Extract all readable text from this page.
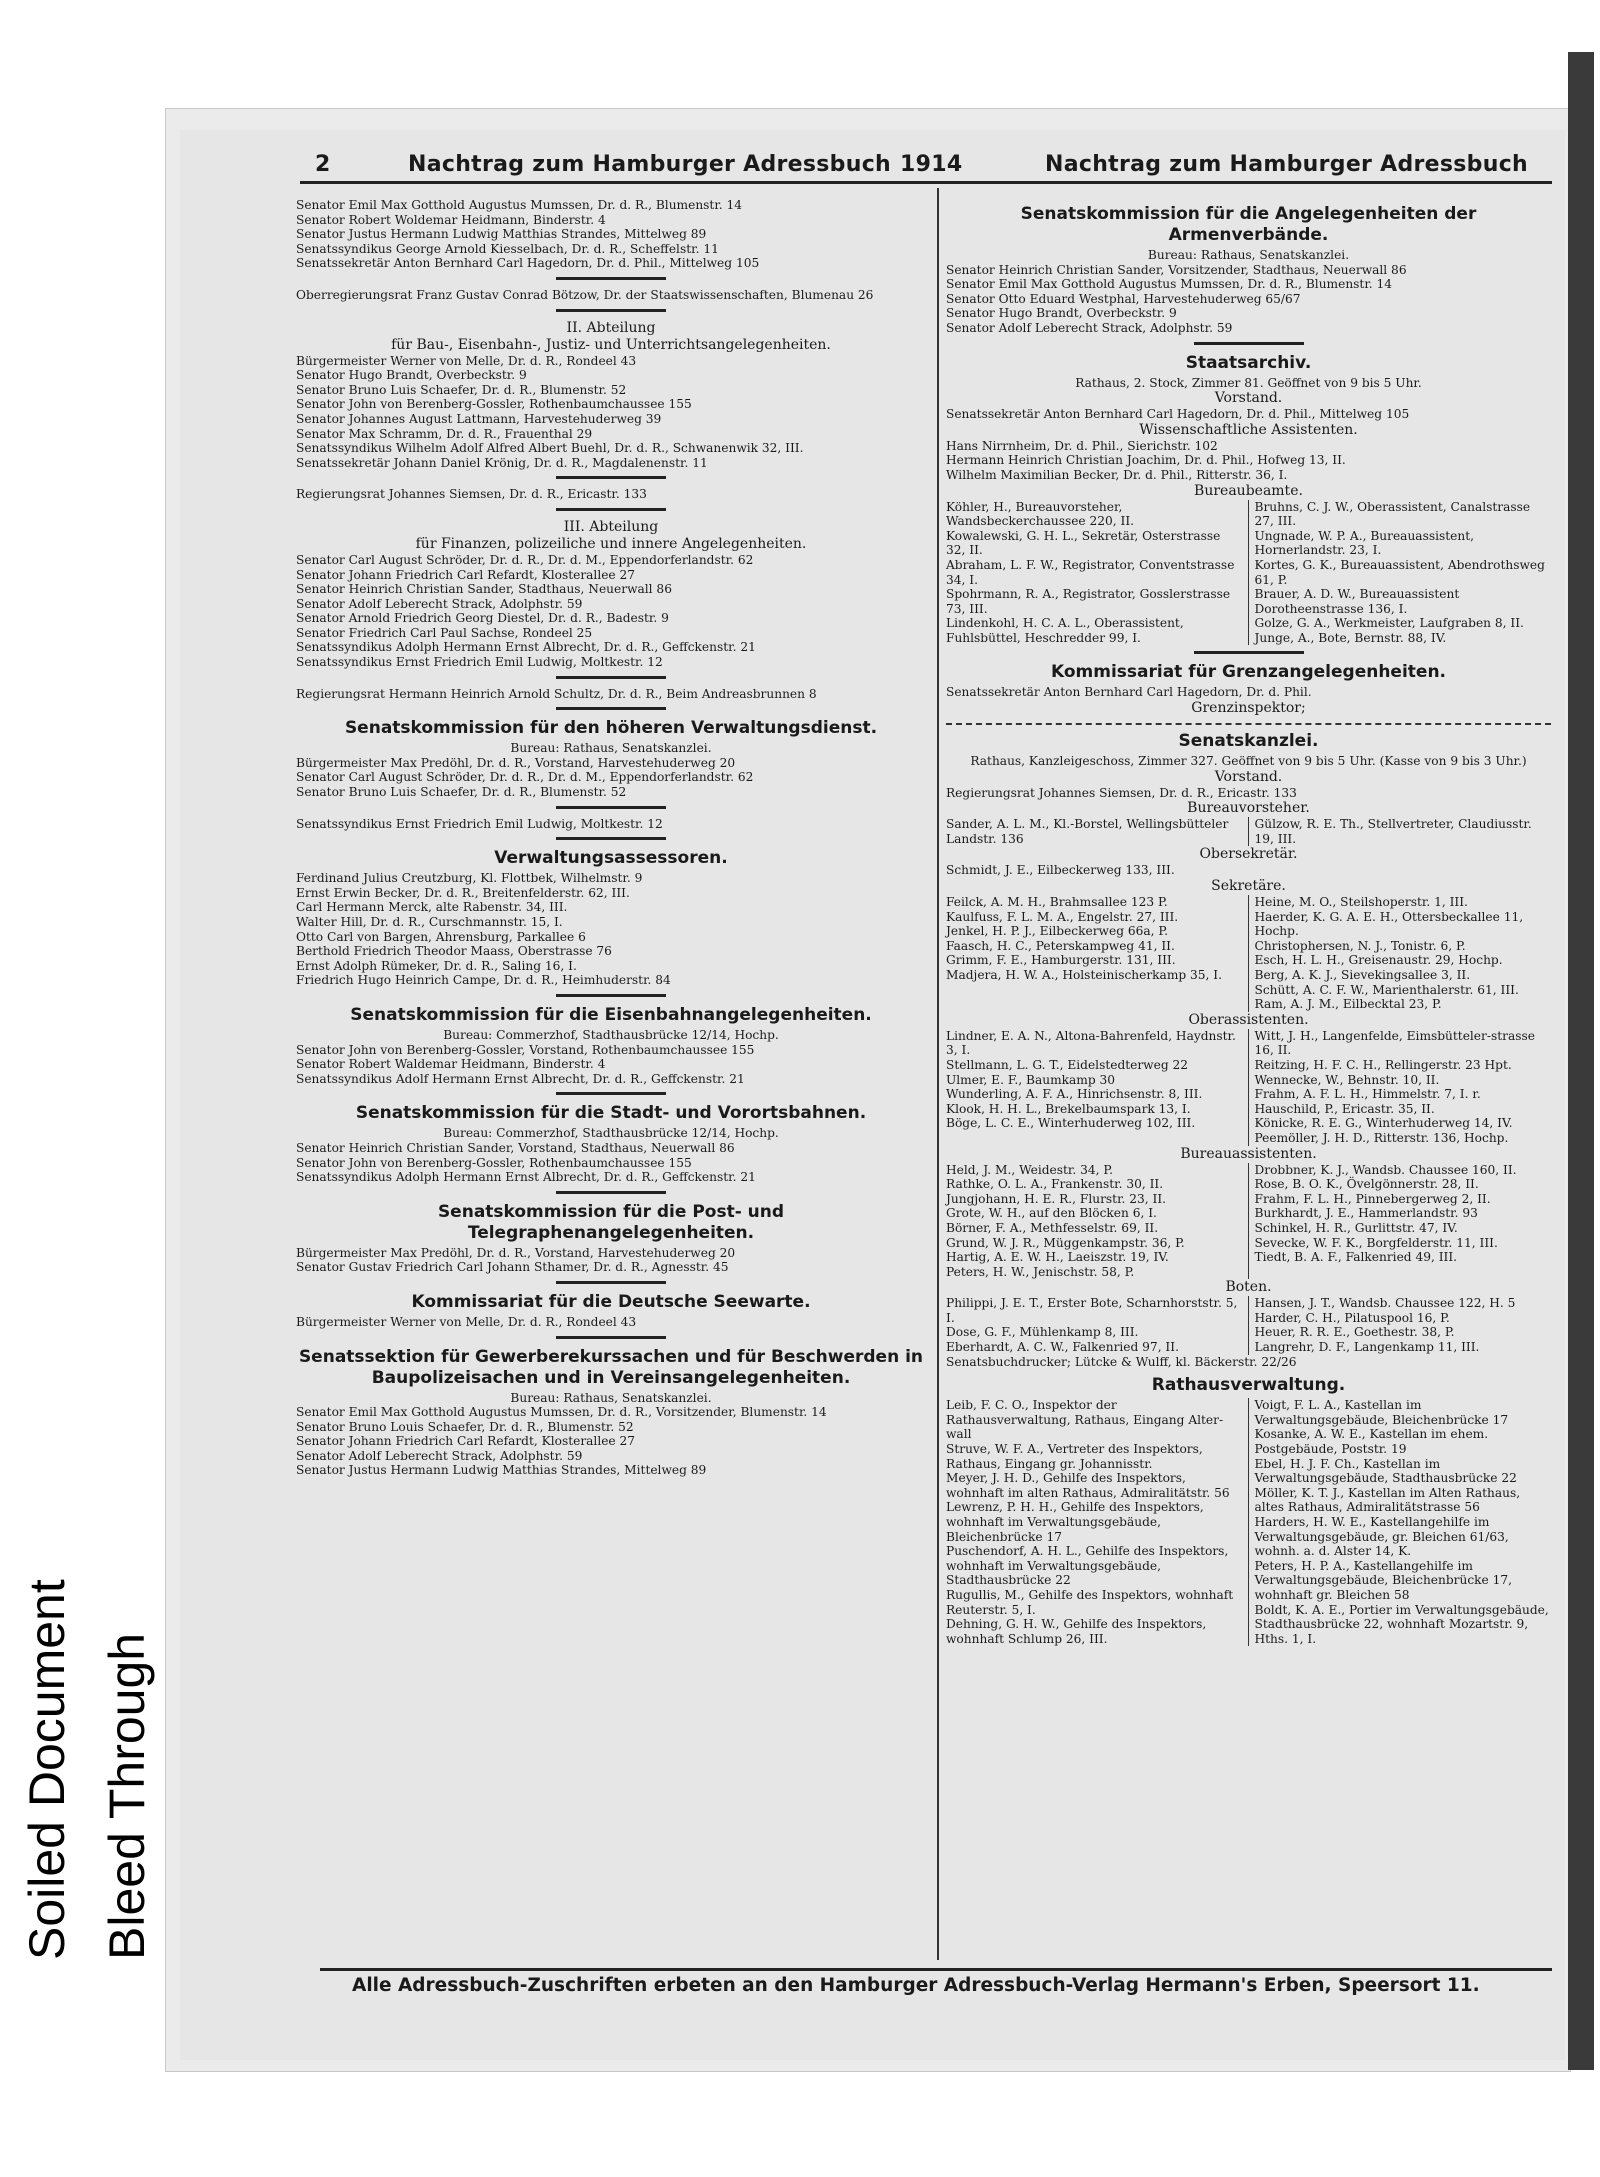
Bleed Through
Soiled Document
2	Nachtrag zum Hamburger Adressbuch 1914	Nachtrag zum Hamburger Adressbuch

Senator Emil Max Gotthold Augustus Mumssen, Dr. d. R., Blumenstr. 14

Senator Robert Woldemar Heidmann, Binderstr. 4

Senator Justus Hermann Ludwig Matthias Strandes, Mittelweg 89

Senatssyndikus George Arnold Kiesselbach, Dr. d. R., Scheffelstr. 11

Senatssekretär Anton Bernhard Carl Hagedorn, Dr. d. Phil., Mittelweg 105

Oberregierungsrat Franz Gustav Conrad Bötzow, Dr. der Staatswissenschaften, Blumenau 26

II. Abteilung
für Bau-, Eisenbahn-, Justiz- und Unterrichtsangelegenheiten.

Bürgermeister Werner von Melle, Dr. d. R., Rondeel 43

Senator Hugo Brandt, Overbeckstr. 9

Senator Bruno Luis Schaefer, Dr. d. R., Blumenstr. 52

Senator John von Berenberg-Gossler, Rothenbaumchaussee 155

Senator Johannes August Lattmann, Harvestehuderweg 39

Senator Max Schramm, Dr. d. R., Frauenthal 29

Senatssyndikus Wilhelm Adolf Alfred Albert Buehl, Dr. d. R., Schwanenwik 32, III.

Senatssekretär Johann Daniel Krönig, Dr. d. R., Magdalenenstr. 11

Regierungsrat Johannes Siemsen, Dr. d. R., Ericastr. 133

III. Abteilung
für Finanzen, polizeiliche und innere Angelegenheiten.

Senator Carl August Schröder, Dr. d. R., Dr. d. M., Eppendorferlandstr. 62

Senator Johann Friedrich Carl Refardt, Klosterallee 27

Senator Heinrich Christian Sander, Stadthaus, Neuerwall 86

Senator Adolf Leberecht Strack, Adolphstr. 59

Senator Arnold Friedrich Georg Diestel, Dr. d. R., Badestr. 9

Senator Friedrich Carl Paul Sachse, Rondeel 25

Senatssyndikus Adolph Hermann Ernst Albrecht, Dr. d. R., Geffckenstr. 21

Senatssyndikus Ernst Friedrich Emil Ludwig, Moltkestr. 12

Regierungsrat Hermann Heinrich Arnold Schultz, Dr. d. R., Beim Andreasbrunnen 8

Senatskommission für den höheren Verwaltungsdienst.
Bureau: Rathaus, Senatskanzlei.

Bürgermeister Max Predöhl, Dr. d. R., Vorstand, Harvestehuderweg 20

Senator Carl August Schröder, Dr. d. R., Dr. d. M., Eppendorferlandstr. 62

Senator Bruno Luis Schaefer, Dr. d. R., Blumenstr. 52

Senatssyndikus Ernst Friedrich Emil Ludwig, Moltkestr. 12

Verwaltungsassessoren.

Ferdinand Julius Creutzburg, Kl. Flottbek, Wilhelmstr. 9

Ernst Erwin Becker, Dr. d. R., Breitenfelderstr. 62, III.

Carl Hermann Merck, alte Rabenstr. 34, III.

Walter Hill, Dr. d. R., Curschmannstr. 15, I.

Otto Carl von Bargen, Ahrensburg, Parkallee 6

Berthold Friedrich Theodor Maass, Oberstrasse 76

Ernst Adolph Rümeker, Dr. d. R., Saling 16, I.

Friedrich Hugo Heinrich Campe, Dr. d. R., Heimhuderstr. 84

Senatskommission für die Eisenbahnangelegenheiten.
Bureau: Commerzhof, Stadthausbrücke 12/14, Hochp.

Senator John von Berenberg-Gossler, Vorstand, Rothenbaumchaussee 155

Senator Robert Waldemar Heidmann, Binderstr. 4

Senatssyndikus Adolf Hermann Ernst Albrecht, Dr. d. R., Geffckenstr. 21

Senatskommission für die Stadt- und Vorortsbahnen.
Bureau: Commerzhof, Stadthausbrücke 12/14, Hochp.

Senator Heinrich Christian Sander, Vorstand, Stadthaus, Neuerwall 86

Senator John von Berenberg-Gossler, Rothenbaumchaussee 155

Senatssyndikus Adolph Hermann Ernst Albrecht, Dr. d. R., Geffckenstr. 21

Senatskommission für die Post- und Telegraphenangelegenheiten.

Bürgermeister Max Predöhl, Dr. d. R., Vorstand, Harvestehuderweg 20

Senator Gustav Friedrich Carl Johann Sthamer, Dr. d. R., Agnesstr. 45

Kommissariat für die Deutsche Seewarte.

Bürgermeister Werner von Melle, Dr. d. R., Rondeel 43

Senatssektion für Gewerberekurssachen und für Beschwerden in Baupolizeisachen und in Vereinsangelegenheiten.
Bureau: Rathaus, Senatskanzlei.

Senator Emil Max Gotthold Augustus Mumssen, Dr. d. R., Vorsitzender, Blumenstr. 14

Senator Bruno Louis Schaefer, Dr. d. R., Blumenstr. 52

Senator Johann Friedrich Carl Refardt, Klosterallee 27

Senator Adolf Leberecht Strack, Adolphstr. 59

Senator Justus Hermann Ludwig Matthias Strandes, Mittelweg 89

Senatskommission für die Angelegenheiten der Armenverbände.
Bureau: Rathaus, Senatskanzlei.

Senator Heinrich Christian Sander, Vorsitzender, Stadthaus, Neuerwall 86

Senator Emil Max Gotthold Augustus Mumssen, Dr. d. R., Blumenstr. 14

Senator Otto Eduard Westphal, Harvestehuderweg 65/67

Senator Hugo Brandt, Overbeckstr. 9

Senator Adolf Leberecht Strack, Adolphstr. 59

Staatsarchiv.
Rathaus, 2. Stock, Zimmer 81. Geöffnet von 9 bis 5 Uhr.
Vorstand.

Senatssekretär Anton Bernhard Carl Hagedorn, Dr. d. Phil., Mittelweg 105

Wissenschaftliche Assistenten.

Hans Nirrnheim, Dr. d. Phil., Sierichstr. 102

Hermann Heinrich Christian Joachim, Dr. d. Phil., Hofweg 13, II.

Wilhelm Maximilian Becker, Dr. d. Phil., Ritterstr. 36, I.

Bureaubeamte.

Köhler, H., Bureauvorsteher, Wandsbeckerchaussee 220, II.

Kowalewski, G. H. L., Sekretär, Osterstrasse 32, II.

Abraham, L. F. W., Registrator, Conventstrasse 34, I.

Spohrmann, R. A., Registrator, Gosslerstrasse 73, III.

Lindenkohl, H. C. A. L., Oberassistent, Fuhlsbüttel, Heschredder 99, I.

Bruhns, C. J. W., Oberassistent, Canalstrasse 27, III.

Ungnade, W. P. A., Bureauassistent, Hornerlandstr. 23, I.

Kortes, G. K., Bureauassistent, Abendrothsweg 61, P.

Brauer, A. D. W., Bureauassistent Dorotheenstrasse 136, I.

Golze, G. A., Werkmeister, Laufgraben 8, II.

Junge, A., Bote, Bernstr. 88, IV.

Kommissariat für Grenzangelegenheiten.

Senatssekretär Anton Bernhard Carl Hagedorn, Dr. d. Phil.

Grenzinspektor;
Senatskanzlei.
Rathaus, Kanzleigeschoss, Zimmer 327. Geöffnet von 9 bis 5 Uhr. (Kasse von 9 bis 3 Uhr.)
Vorstand.

Regierungsrat Johannes Siemsen, Dr. d. R., Ericastr. 133

Bureauvorsteher.

Sander, A. L. M., Kl.-Borstel, Wellingsbütteler Landstr. 136

Gülzow, R. E. Th., Stellvertreter, Claudiusstr. 19, III.

Obersekretär.

Schmidt, J. E., Eilbeckerweg 133, III.

Sekretäre.

Feilck, A. M. H., Brahmsallee 123 P.

Kaulfuss, F. L. M. A., Engelstr. 27, III.

Jenkel, H. P. J., Eilbeckerweg 66a, P.

Faasch, H. C., Peterskampweg 41, II.

Grimm, F. E., Hamburgerstr. 131, III.

Madjera, H. W. A., Holsteinischerkamp 35, I.

Heine, M. O., Steilshoperstr. 1, III.

Haerder, K. G. A. E. H., Ottersbeckallee 11, Hochp.

Christophersen, N. J., Tonistr. 6, P.

Esch, H. L. H., Greisenaustr. 29, Hochp.

Berg, A. K. J., Sievekingsallee 3, II.

Schütt, A. C. F. W., Marienthalerstr. 61, III.

Ram, A. J. M., Eilbecktal 23, P.

Oberassistenten.

Lindner, E. A. N., Altona-Bahrenfeld, Haydnstr. 3, I.

Stellmann, L. G. T., Eidelstedterweg 22

Ulmer, E. F., Baumkamp 30

Wunderling, A. F. A., Hinrichsenstr. 8, III.

Klook, H. H. L., Brekelbaumspark 13, I.

Böge, L. C. E., Winterhuderweg 102, III.

Witt, J. H., Langenfelde, Eimsbütteler-strasse 16, II.

Reitzing, H. F. C. H., Rellingerstr. 23 Hpt.

Wennecke, W., Behnstr. 10, II.

Frahm, A. F. L. H., Himmelstr. 7, I. r.

Hauschild, P., Ericastr. 35, II.

Könicke, R. E. G., Winterhuderweg 14, IV.

Peemöller, J. H. D., Ritterstr. 136, Hochp.

Bureauassistenten.

Held, J. M., Weidestr. 34, P.

Rathke, O. L. A., Frankenstr. 30, II.

Jungjohann, H. E. R., Flurstr. 23, II.

Grote, W. H., auf den Blöcken 6, I.

Börner, F. A., Methfesselstr. 69, II.

Grund, W. J. R., Müggenkampstr. 36, P.

Hartig, A. E. W. H., Laeiszstr. 19, IV.

Peters, H. W., Jenischstr. 58, P.

Drobbner, K. J., Wandsb. Chaussee 160, II.

Rose, B. O. K., Övelgönnerstr. 28, II.

Frahm, F. L. H., Pinnebergerweg 2, II.

Burkhardt, J. E., Hammerlandstr. 93

Schinkel, H. R., Gurlittstr. 47, IV.

Sevecke, W. F. K., Borgfelderstr. 11, III.

Tiedt, B. A. F., Falkenried 49, III.

Boten.

Philippi, J. E. T., Erster Bote, Scharnhorststr. 5, I.

Dose, G. F., Mühlenkamp 8, III.

Eberhardt, A. C. W., Falkenried 97, II.

Hansen, J. T., Wandsb. Chaussee 122, H. 5

Harder, C. H., Pilatuspool 16, P.

Heuer, R. R. E., Goethestr. 38, P.

Langrehr, D. F., Langenkamp 11, III.

Senatsbuchdrucker; Lütcke & Wulff, kl. Bäckerstr. 22/26

Rathausverwaltung.

Leib, F. C. O., Inspektor der Rathausverwaltung, Rathaus, Eingang Alter-wall

Struve, W. F. A., Vertreter des Inspektors, Rathaus, Eingang gr. Johannisstr.

Meyer, J. H. D., Gehilfe des Inspektors, wohnhaft im alten Rathaus, Admiralitätstr. 56

Lewrenz, P. H. H., Gehilfe des Inspektors, wohnhaft im Verwaltungsgebäude, Bleichenbrücke 17

Puschendorf, A. H. L., Gehilfe des Inspektors, wohnhaft im Verwaltungsgebäude, Stadthausbrücke 22

Rugullis, M., Gehilfe des Inspektors, wohnhaft Reuterstr. 5, I.

Dehning, G. H. W., Gehilfe des Inspektors, wohnhaft Schlump 26, III.

Voigt, F. L. A., Kastellan im Verwaltungsgebäude, Bleichenbrücke 17

Kosanke, A. W. E., Kastellan im ehem. Postgebäude, Poststr. 19

Ebel, H. J. F. Ch., Kastellan im Verwaltungsgebäude, Stadthausbrücke 22

Möller, K. T. J., Kastellan im Alten Rathaus, altes Rathaus, Admiralitätstrasse 56

Harders, H. W. E., Kastellangehilfe im Verwaltungsgebäude, gr. Bleichen 61/63, wohnh. a. d. Alster 14, K.

Peters, H. P. A., Kastellangehilfe im Verwaltungsgebäude, Bleichenbrücke 17, wohnhaft gr. Bleichen 58

Boldt, K. A. E., Portier im Verwaltungsgebäude, Stadthausbrücke 22, wohnhaft Mozartstr. 9, Hths. 1, I.

Alle Adressbuch-Zuschriften erbeten an den Hamburger Adressbuch-Verlag Hermann's Erben, Speersort 11.
